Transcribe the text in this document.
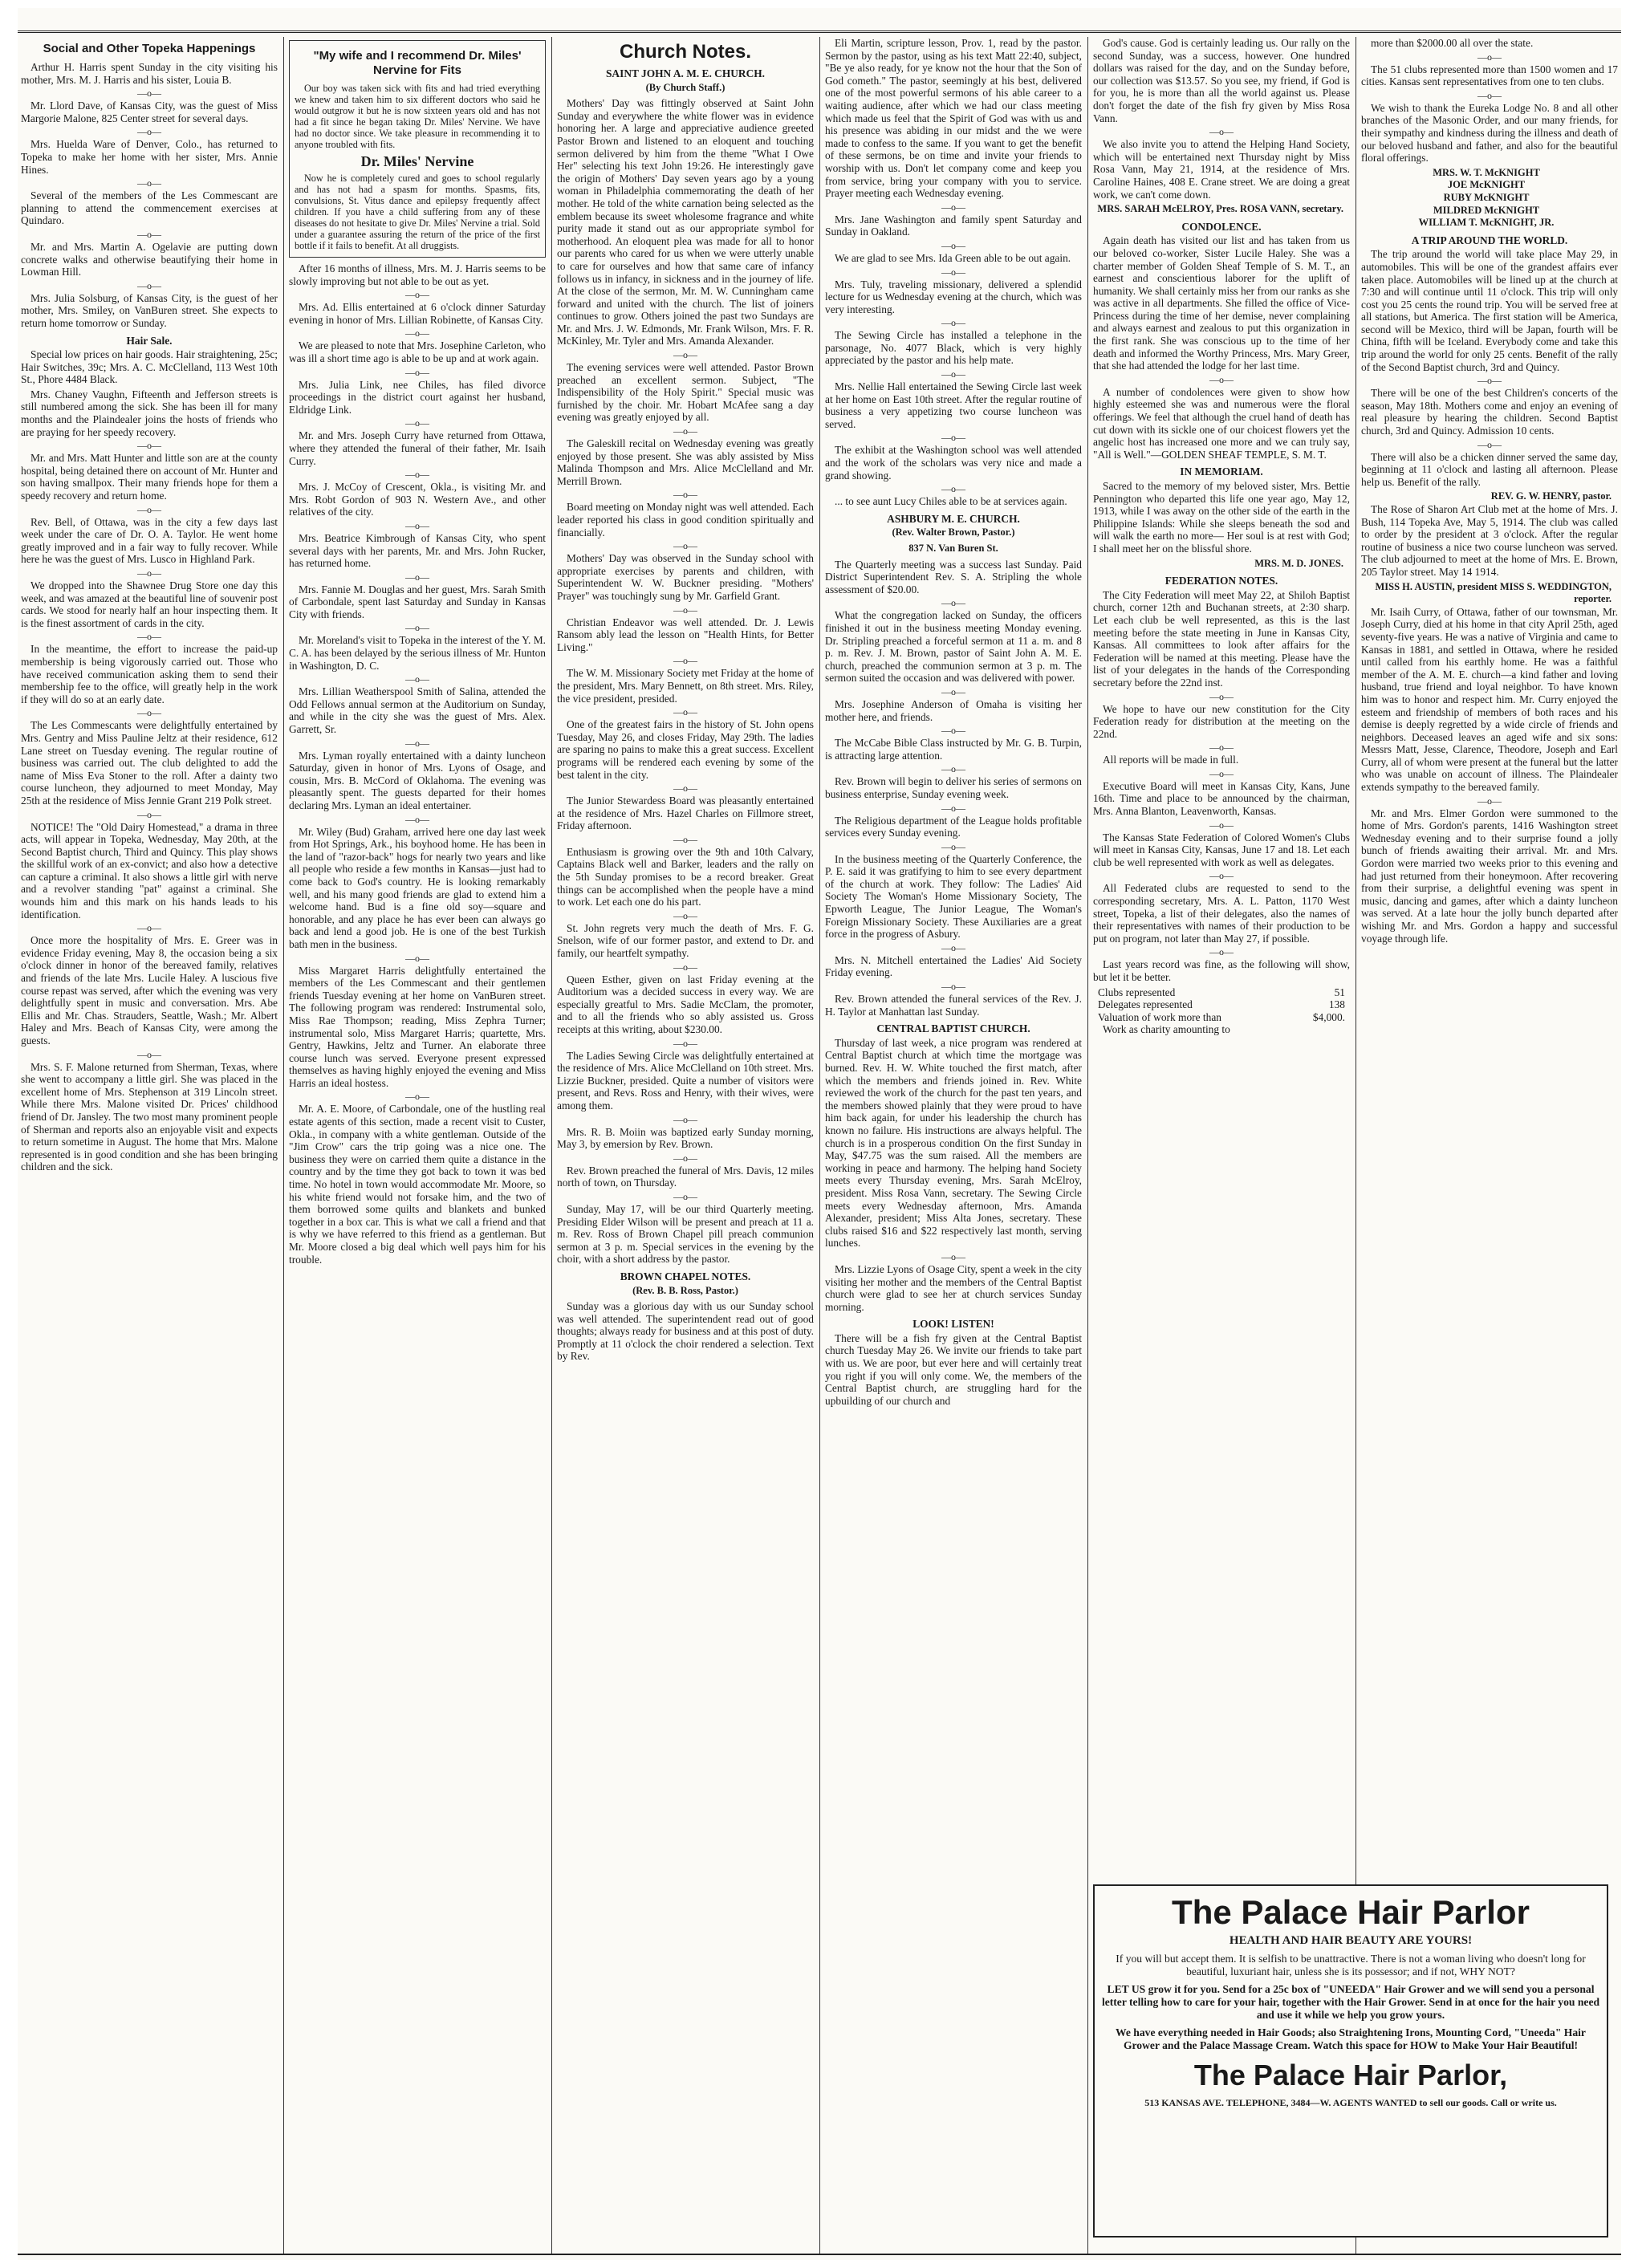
Social and Other Topeka Happenings

Arthur H. Harris spent Sunday in the city visiting his mother, Mrs. M. J. Harris and his sister, Louia B.

—o—

Mr. Llord Dave, of Kansas City, was the guest of Miss Margorie Malone, 825 Center street for several days.

—o—

Mrs. Huelda Ware of Denver, Colo., has returned to Topeka to make her home with her sister, Mrs. Annie Hines.

—o—

Several of the members of the Les Commescant are planning to attend the commencement exercises at Quindaro.

—o—

Mr. and Mrs. Martin A. Ogelavie are putting down concrete walks and otherwise beautifying their home in Lowman Hill.

—o—

Mrs. Julia Solsburg, of Kansas City, is the guest of her mother, Mrs. Smiley, on VanBuren street. She expects to return home tomorrow or Sunday.

Hair Sale.

Special low prices on hair goods. Hair straightening, 25c; Hair Switches, 39c; Mrs. A. C. McClelland, 113 West 10th St., Phore 4484 Black.

Mrs. Chaney Vaughn, Fifteenth and Jefferson streets is still numbered among the sick. She has been ill for many months and the Plaindealer joins the hosts of friends who are praying for her speedy recovery.

—o—

Mr. and Mrs. Matt Hunter and little son are at the county hospital, being detained there on account of Mr. Hunter and son having smallpox. Their many friends hope for them a speedy recovery and return home.

—o—

Rev. Bell, of Ottawa, was in the city a few days last week under the care of Dr. O. A. Taylor. He went home greatly improved and in a fair way to fully recover. While here he was the guest of Mrs. Lusco in Highland Park.

—o—

We dropped into the Shawnee Drug Store one day this week, and was amazed at the beautiful line of souvenir post cards. We stood for nearly half an hour inspecting them. It is the finest assortment of cards in the city.

—o—

In the meantime, the effort to increase the paid-up membership is being vigorously carried out. Those who have received communication asking them to send their membership fee to the office, will greatly help in the work if they will do so at an early date.

—o—

The Les Commescants were delightfully entertained by Mrs. Gentry and Miss Pauline Jeltz at their residence, 612 Lane street on Tuesday evening. The regular routine of business was carried out. The club delighted to add the name of Miss Eva Stoner to the roll. After a dainty two course luncheon, they adjourned to meet Monday, May 25th at the residence of Miss Jennie Grant 219 Polk street.

—o—

NOTICE! The "Old Dairy Homestead," a drama in three acts, will appear in Topeka, Wednesday, May 20th, at the Second Baptist church, Third and Quincy. This play shows the skillful work of an ex-convict; and also how a detective can capture a criminal. It also shows a little girl with nerve and a revolver standing "pat" against a criminal. She wounds him and this mark on his hands leads to his identification.

—o—

Once more the hospitality of Mrs. E. Greer was in evidence Friday evening, May 8, the occasion being a six o'clock dinner in honor of the bereaved family, relatives and friends of the late Mrs. Lucile Haley. A luscious five course repast was served, after which the evening was very delightfully spent in music and conversation. Mrs. Abe Ellis and Mr. Chas. Strauders, Seattle, Wash.; Mr. Albert Haley and Mrs. Beach of Kansas City, were among the guests.

—o—

Mrs. S. F. Malone returned from Sherman, Texas, where she went to accompany a little girl. She was placed in the excellent home of Mrs. Stephenson at 319 Lincoln street. While there Mrs. Malone visited Dr. Prices' childhood friend of Dr. Jansley. The two most many prominent people of Sherman and reports also an enjoyable visit and expects to return sometime in August. The home that Mrs. Malone represented is in good condition and she has been bringing children and the sick.

"My wife and I recommend Dr. Miles' Nervine for Fits

Our boy was taken sick with fits and had tried everything we knew and taken him to six different doctors who said he would outgrow it but he is now sixteen years old and has not had a fit since he began taking Dr. Miles' Nervine. We have had no doctor since. We take pleasure in recommending it to anyone troubled with fits.

Dr. Miles' Nervine

Now he is completely cured and goes to school regularly and has not had a spasm for months. Spasms, fits, convulsions, St. Vitus dance and epilepsy frequently affect children. If you have a child suffering from any of these diseases do not hesitate to give Dr. Miles' Nervine a trial. Sold under a guarantee assuring the return of the price of the first bottle if it fails to benefit. At all druggists.

After 16 months of illness, Mrs. M. J. Harris seems to be slowly improving but not able to be out as yet.

—o—

Mrs. Ad. Ellis entertained at 6 o'clock dinner Saturday evening in honor of Mrs. Lillian Robinette, of Kansas City.

—o—

We are pleased to note that Mrs. Josephine Carleton, who was ill a short time ago is able to be up and at work again.

—o—

Mrs. Julia Link, nee Chiles, has filed divorce proceedings in the district court against her husband, Eldridge Link.

—o—

Mr. and Mrs. Joseph Curry have returned from Ottawa, where they attended the funeral of their father, Mr. Isaih Curry.

—o—

Mrs. J. McCoy of Crescent, Okla., is visiting Mr. and Mrs. Robt Gordon of 903 N. Western Ave., and other relatives of the city.

—o—

Mrs. Beatrice Kimbrough of Kansas City, who spent several days with her parents, Mr. and Mrs. John Rucker, has returned home.

—o—

Mrs. Fannie M. Douglas and her guest, Mrs. Sarah Smith of Carbondale, spent last Saturday and Sunday in Kansas City with friends.

—o—

Mr. Moreland's visit to Topeka in the interest of the Y. M. C. A. has been delayed by the serious illness of Mr. Hunton in Washington, D. C.

—o—

Mrs. Lillian Weatherspool Smith of Salina, attended the Odd Fellows annual sermon at the Auditorium on Sunday, and while in the city she was the guest of Mrs. Alex. Garrett, Sr.

—o—

Mrs. Lyman royally entertained with a dainty luncheon Saturday, given in honor of Mrs. Lyons of Osage, and cousin, Mrs. B. McCord of Oklahoma. The evening was pleasantly spent. The guests departed for their homes declaring Mrs. Lyman an ideal entertainer.

—o—

Mr. Wiley (Bud) Graham, arrived here one day last week from Hot Springs, Ark., his boyhood home. He has been in the land of "razor-back" hogs for nearly two years and like all people who reside a few months in Kansas—just had to come back to God's country. He is looking remarkably well, and his many good friends are glad to extend him a welcome hand. Bud is a fine old soy—square and honorable, and any place he has ever been can always go back and lend a good job. He is one of the best Turkish bath men in the business.

—o—

Miss Margaret Harris delightfully entertained the members of the Les Commescant and their gentlemen friends Tuesday evening at her home on VanBuren street. The following program was rendered: Instrumental solo, Miss Rae Thompson; reading, Miss Zephra Turner; instrumental solo, Miss Margaret Harris; quartette, Mrs. Gentry, Hawkins, Jeltz and Turner. An elaborate three course lunch was served. Everyone present expressed themselves as having highly enjoyed the evening and Miss Harris an ideal hostess.

—o—

Mr. A. E. Moore, of Carbondale, one of the hustling real estate agents of this section, made a recent visit to Custer, Okla., in company with a white gentleman. Outside of the "Jim Crow" cars the trip going was a nice one. The business they were on carried them quite a distance in the country and by the time they got back to town it was bed time. No hotel in town would accommodate Mr. Moore, so his white friend would not forsake him, and the two of them borrowed some quilts and blankets and bunked together in a box car. This is what we call a friend and that is why we have referred to this friend as a gentleman. But Mr. Moore closed a big deal which well pays him for his trouble.

Church Notes.
SAINT JOHN A. M. E. CHURCH.
(By Church Staff.)

Mothers' Day was fittingly observed at Saint John Sunday and everywhere the white flower was in evidence honoring her. A large and appreciative audience greeted Pastor Brown and listened to an eloquent and touching sermon delivered by him from the theme "What I Owe Her" selecting his text John 19:26. He interestingly gave the origin of Mothers' Day seven years ago by a young woman in Philadelphia commemorating the death of her mother. He told of the white carnation being selected as the emblem because its sweet wholesome fragrance and white purity made it stand out as our appropriate symbol for motherhood. An eloquent plea was made for all to honor our parents who cared for us when we were utterly unable to care for ourselves and how that same care of infancy follows us in infancy, in sickness and in the journey of life. At the close of the sermon, Mr. M. W. Cunningham came forward and united with the church. The list of joiners continues to grow. Others joined the past two Sundays are Mr. and Mrs. J. W. Edmonds, Mr. Frank Wilson, Mrs. F. R. McKinley, Mr. Tyler and Mrs. Amanda Alexander.

—o—

The evening services were well attended. Pastor Brown preached an excellent sermon. Subject, "The Indispensibility of the Holy Spirit." Special music was furnished by the choir. Mr. Hobart McAfee sang a day evening was greatly enjoyed by all.

—o—

The Galeskill recital on Wednesday evening was greatly enjoyed by those present. She was ably assisted by Miss Malinda Thompson and Mrs. Alice McClelland and Mr. Merrill Brown.

—o—

Board meeting on Monday night was well attended. Each leader reported his class in good condition spiritually and financially.

—o—

Mothers' Day was observed in the Sunday school with appropriate exercises by parents and children, with Superintendent W. W. Buckner presiding. "Mothers' Prayer" was touchingly sung by Mr. Garfield Grant.

—o—

Christian Endeavor was well attended. Dr. J. Lewis Ransom ably lead the lesson on "Health Hints, for Better Living."

—o—

The W. M. Missionary Society met Friday at the home of the president, Mrs. Mary Bennett, on 8th street. Mrs. Riley, the vice president, presided.

—o—

One of the greatest fairs in the history of St. John opens Tuesday, May 26, and closes Friday, May 29th. The ladies are sparing no pains to make this a great success. Excellent programs will be rendered each evening by some of the best talent in the city.

—o—

The Junior Stewardess Board was pleasantly entertained at the residence of Mrs. Hazel Charles on Fillmore street, Friday afternoon.

—o—

Enthusiasm is growing over the 9th and 10th Calvary, Captains Black well and Barker, leaders and the rally on the 5th Sunday promises to be a record breaker. Great things can be accomplished when the people have a mind to work. Let each one do his part.

—o—

St. John regrets very much the death of Mrs. F. G. Snelson, wife of our former pastor, and extend to Dr. and family, our heartfelt sympathy.

—o—

Queen Esther, given on last Friday evening at the Auditorium was a decided success in every way. We are especially greatful to Mrs. Sadie McClam, the promoter, and to all the friends who so ably assisted us. Gross receipts at this writing, about $230.00.

—o—

The Ladies Sewing Circle was delightfully entertained at the residence of Mrs. Alice McClelland on 10th street. Mrs. Lizzie Buckner, presided. Quite a number of visitors were present, and Revs. Ross and Henry, with their wives, were among them.

—o—

Mrs. R. B. Moiin was baptized early Sunday morning, May 3, by emersion by Rev. Brown.

—o—

Rev. Brown preached the funeral of Mrs. Davis, 12 miles north of town, on Thursday.

—o—

Sunday, May 17, will be our third Quarterly meeting. Presiding Elder Wilson will be present and preach at 11 a. m. Rev. Ross of Brown Chapel pill preach communion sermon at 3 p. m. Special services in the evening by the choir, with a short address by the pastor.

BROWN CHAPEL NOTES.
(Rev. B. B. Ross, Pastor.)

Sunday was a glorious day with us our Sunday school was well attended. The superintendent read out of good thoughts; always ready for business and at this post of duty. Promptly at 11 o'clock the choir rendered a selection. Text by Rev.

Eli Martin, scripture lesson, Prov. 1, read by the pastor. Sermon by the pastor, using as his text Matt 22:40, subject, "Be ye also ready, for ye know not the hour that the Son of God cometh." The pastor, seemingly at his best, delivered one of the most powerful sermons of his able career to a waiting audience, after which we had our class meeting which made us feel that the Spirit of God was with us and his presence was abiding in our midst and the we were made to confess to the same. If you want to get the benefit of these sermons, be on time and invite your friends to worship with us. Don't let company come and keep you from service, bring your company with you to service. Prayer meeting each Wednesday evening.

—o—

Mrs. Jane Washington and family spent Saturday and Sunday in Oakland.

—o—

We are glad to see Mrs. Ida Green able to be out again.

—o—

Mrs. Tuly, traveling missionary, delivered a splendid lecture for us Wednesday evening at the church, which was very interesting.

—o—

The Sewing Circle has installed a telephone in the parsonage, No. 4077 Black, which is very highly appreciated by the pastor and his help mate.

—o—

Mrs. Nellie Hall entertained the Sewing Circle last week at her home on East 10th street. After the regular routine of business a very appetizing two course luncheon was served.

—o—

The exhibit at the Washington school was well attended and the work of the scholars was very nice and made a grand showing.

—o—

... to see aunt Lucy Chiles able to be at services again.

ASHBURY M. E. CHURCH.
(Rev. Walter Brown, Pastor.)
837 N. Van Buren St.

The Quarterly meeting was a success last Sunday. Paid District Superintendent Rev. S. A. Stripling the whole assessment of $20.00.

—o—

What the congregation lacked on Sunday, the officers finished it out in the business meeting Monday evening. Dr. Stripling preached a forceful sermon at 11 a. m. and 8 p. m. Rev. J. M. Brown, pastor of Saint John A. M. E. church, preached the communion sermon at 3 p. m. The sermon suited the occasion and was delivered with power.

—o—

Mrs. Josephine Anderson of Omaha is visiting her mother here, and friends.

—o—

The McCabe Bible Class instructed by Mr. G. B. Turpin, is attracting large attention.

—o—

Rev. Brown will begin to deliver his series of sermons on business enterprise, Sunday evening week.

—o—

The Religious department of the League holds profitable services every Sunday evening.

—o—

In the business meeting of the Quarterly Conference, the P. E. said it was gratifying to him to see every department of the church at work. They follow: The Ladies' Aid Society The Woman's Home Missionary Society, The Epworth League, The Junior League, The Woman's Foreign Missionary Society. These Auxiliaries are a great force in the progress of Asbury.

—o—

Mrs. N. Mitchell entertained the Ladies' Aid Society Friday evening.

—o—

Rev. Brown attended the funeral services of the Rev. J. H. Taylor at Manhattan last Sunday.

CENTRAL BAPTIST CHURCH.

Thursday of last week, a nice program was rendered at Central Baptist church at which time the mortgage was burned. Rev. H. W. White touched the first match, after which the members and friends joined in. Rev. White reviewed the work of the church for the past ten years, and the members showed plainly that they were proud to have him back again, for under his leadership the church has known no failure. His instructions are always helpful. The church is in a prosperous condition On the first Sunday in May, $47.75 was the sum raised. All the members are working in peace and harmony. The helping hand Society meets every Thursday evening, Mrs. Sarah McElroy, president. Miss Rosa Vann, secretary. The Sewing Circle meets every Wednesday afternoon, Mrs. Amanda Alexander, president; Miss Alta Jones, secretary. These clubs raised $16 and $22 respectively last month, serving lunches.

—o—

Mrs. Lizzie Lyons of Osage City, spent a week in the city visiting her mother and the members of the Central Baptist church were glad to see her at church services Sunday morning.

LOOK! LISTEN!

There will be a fish fry given at the Central Baptist church Tuesday May 26. We invite our friends to take part with us. We are poor, but ever here and will certainly treat you right if you will only come. We, the members of the Central Baptist church, are struggling hard for the upbuilding of our church and

God's cause. God is certainly leading us. Our rally on the second Sunday, was a success, however. One hundred dollars was raised for the day, and on the Sunday before, our collection was $13.57. So you see, my friend, if God is for you, he is more than all the world against us. Please don't forget the date of the fish fry given by Miss Rosa Vann.

—o—

We also invite you to attend the Helping Hand Society, which will be entertained next Thursday night by Miss Rosa Vann, May 21, 1914, at the residence of Mrs. Caroline Haines, 408 E. Crane street. We are doing a great work, we can't come down.

MRS. SARAH McELROY, Pres. ROSA VANN, secretary.
CONDOLENCE.

Again death has visited our list and has taken from us our beloved co-worker, Sister Lucile Haley. She was a charter member of Golden Sheaf Temple of S. M. T., an earnest and conscientious laborer for the uplift of humanity. We shall certainly miss her from our ranks as she was active in all departments. She filled the office of Vice-Princess during the time of her demise, never complaining and always earnest and zealous to put this organization in the first rank. She was conscious up to the time of her death and informed the Worthy Princess, Mrs. Mary Greer, that she had attended the lodge for her last time.

—o—

A number of condolences were given to show how highly esteemed she was and numerous were the floral offerings. We feel that although the cruel hand of death has cut down with its sickle one of our choicest flowers yet the angelic host has increased one more and we can truly say, "All is Well."—GOLDEN SHEAF TEMPLE, S. M. T.

IN MEMORIAM.

Sacred to the memory of my beloved sister, Mrs. Bettie Pennington who departed this life one year ago, May 12, 1913, while I was away on the other side of the earth in the Philippine Islands: While she sleeps beneath the sod and will walk the earth no more— Her soul is at rest with God; I shall meet her on the blissful shore.

MRS. M. D. JONES.
FEDERATION NOTES.

The City Federation will meet May 22, at Shiloh Baptist church, corner 12th and Buchanan streets, at 2:30 sharp. Let each club be well represented, as this is the last meeting before the state meeting in June in Kansas City, Kansas. All committees to look after affairs for the Federation will be named at this meeting. Please have the list of your delegates in the hands of the Corresponding secretary before the 22nd inst.

—o—

We hope to have our new constitution for the City Federation ready for distribution at the meeting on the 22nd.

—o—

All reports will be made in full.

—o—

Executive Board will meet in Kansas City, Kans, June 16th. Time and place to be announced by the chairman, Mrs. Anna Blanton, Leavenworth, Kansas.

—o—

The Kansas State Federation of Colored Women's Clubs will meet in Kansas City, Kansas, June 17 and 18. Let each club be well represented with work as well as delegates.

—o—

All Federated clubs are requested to send to the corresponding secretary, Mrs. A. L. Patton, 1170 West street, Topeka, a list of their delegates, also the names of their representatives with names of their production to be put on program, not later than May 27, if possible.

—o—

Last years record was fine, as the following will show, but let it be better.

Clubs represented	51
Delegates represented	138
Valuation of work more than	$4,000.

Work as charity amounting to

more than $2000.00 all over the state.

—o—

The 51 clubs represented more than 1500 women and 17 cities. Kansas sent representatives from one to ten clubs.

—o—

We wish to thank the Eureka Lodge No. 8 and all other branches of the Masonic Order, and our many friends, for their sympathy and kindness during the illness and death of our beloved husband and father, and also for the beautiful floral offerings.

MRS. W. T. McKNIGHT
JOE McKNIGHT
RUBY McKNIGHT
MILDRED McKNIGHT
WILLIAM T. McKNIGHT, JR.
A TRIP AROUND THE WORLD.

The trip around the world will take place May 29, in automobiles. This will be one of the grandest affairs ever taken place. Automobiles will be lined up at the church at 7:30 and will continue until 11 o'clock. This trip will only cost you 25 cents the round trip. You will be served free at all stations, but America. The first station will be America, second will be Mexico, third will be Japan, fourth will be China, fifth will be Iceland. Everybody come and take this trip around the world for only 25 cents. Benefit of the rally of the Second Baptist church, 3rd and Quincy.

—o—

There will be one of the best Children's concerts of the season, May 18th. Mothers come and enjoy an evening of real pleasure by hearing the children. Second Baptist church, 3rd and Quincy. Admission 10 cents.

—o—

There will also be a chicken dinner served the same day, beginning at 11 o'clock and lasting all afternoon. Please help us. Benefit of the rally.

REV. G. W. HENRY, pastor.

The Rose of Sharon Art Club met at the home of Mrs. J. Bush, 114 Topeka Ave, May 5, 1914. The club was called to order by the president at 3 o'clock. After the regular routine of business a nice two course luncheon was served. The club adjourned to meet at the home of Mrs. E. Brown, 205 Taylor street. May 14 1914.

MISS H. AUSTIN, president MISS S. WEDDINGTON, reporter.

Mr. Isaih Curry, of Ottawa, father of our townsman, Mr. Joseph Curry, died at his home in that city April 25th, aged seventy-five years. He was a native of Virginia and came to Kansas in 1881, and settled in Ottawa, where he resided until called from his earthly home. He was a faithful member of the A. M. E. church—a kind father and loving husband, true friend and loyal neighbor. To have known him was to honor and respect him. Mr. Curry enjoyed the esteem and friendship of members of both races and his demise is deeply regretted by a wide circle of friends and neighbors. Deceased leaves an aged wife and six sons: Messrs Matt, Jesse, Clarence, Theodore, Joseph and Earl Curry, all of whom were present at the funeral but the latter who was unable on account of illness. The Plaindealer extends sympathy to the bereaved family.

—o—

Mr. and Mrs. Elmer Gordon were summoned to the home of Mrs. Gordon's parents, 1416 Washington street Wednesday evening and to their surprise found a jolly bunch of friends awaiting their arrival. Mr. and Mrs. Gordon were married two weeks prior to this evening and had just returned from their honeymoon. After recovering from their surprise, a delightful evening was spent in music, dancing and games, after which a dainty luncheon was served. At a late hour the jolly bunch departed after wishing Mr. and Mrs. Gordon a happy and successful voyage through life.

The Palace Hair Parlor
HEALTH AND HAIR BEAUTY ARE YOURS!

If you will but accept them. It is selfish to be unattractive. There is not a woman living who doesn't long for beautiful, luxuriant hair, unless she is its possessor; and if not, WHY NOT?

LET US grow it for you. Send for a 25c box of "UNEEDA" Hair Grower and we will send you a personal letter telling how to care for your hair, together with the Hair Grower. Send in at once for the hair you need and use it while we help you grow yours.

We have everything needed in Hair Goods; also Straightening Irons, Mounting Cord, "Uneeda" Hair Grower and the Palace Massage Cream. Watch this space for HOW to Make Your Hair Beautiful!

The Palace Hair Parlor,
513 KANSAS AVE. TELEPHONE, 3484—W. AGENTS WANTED to sell our goods. Call or write us.
